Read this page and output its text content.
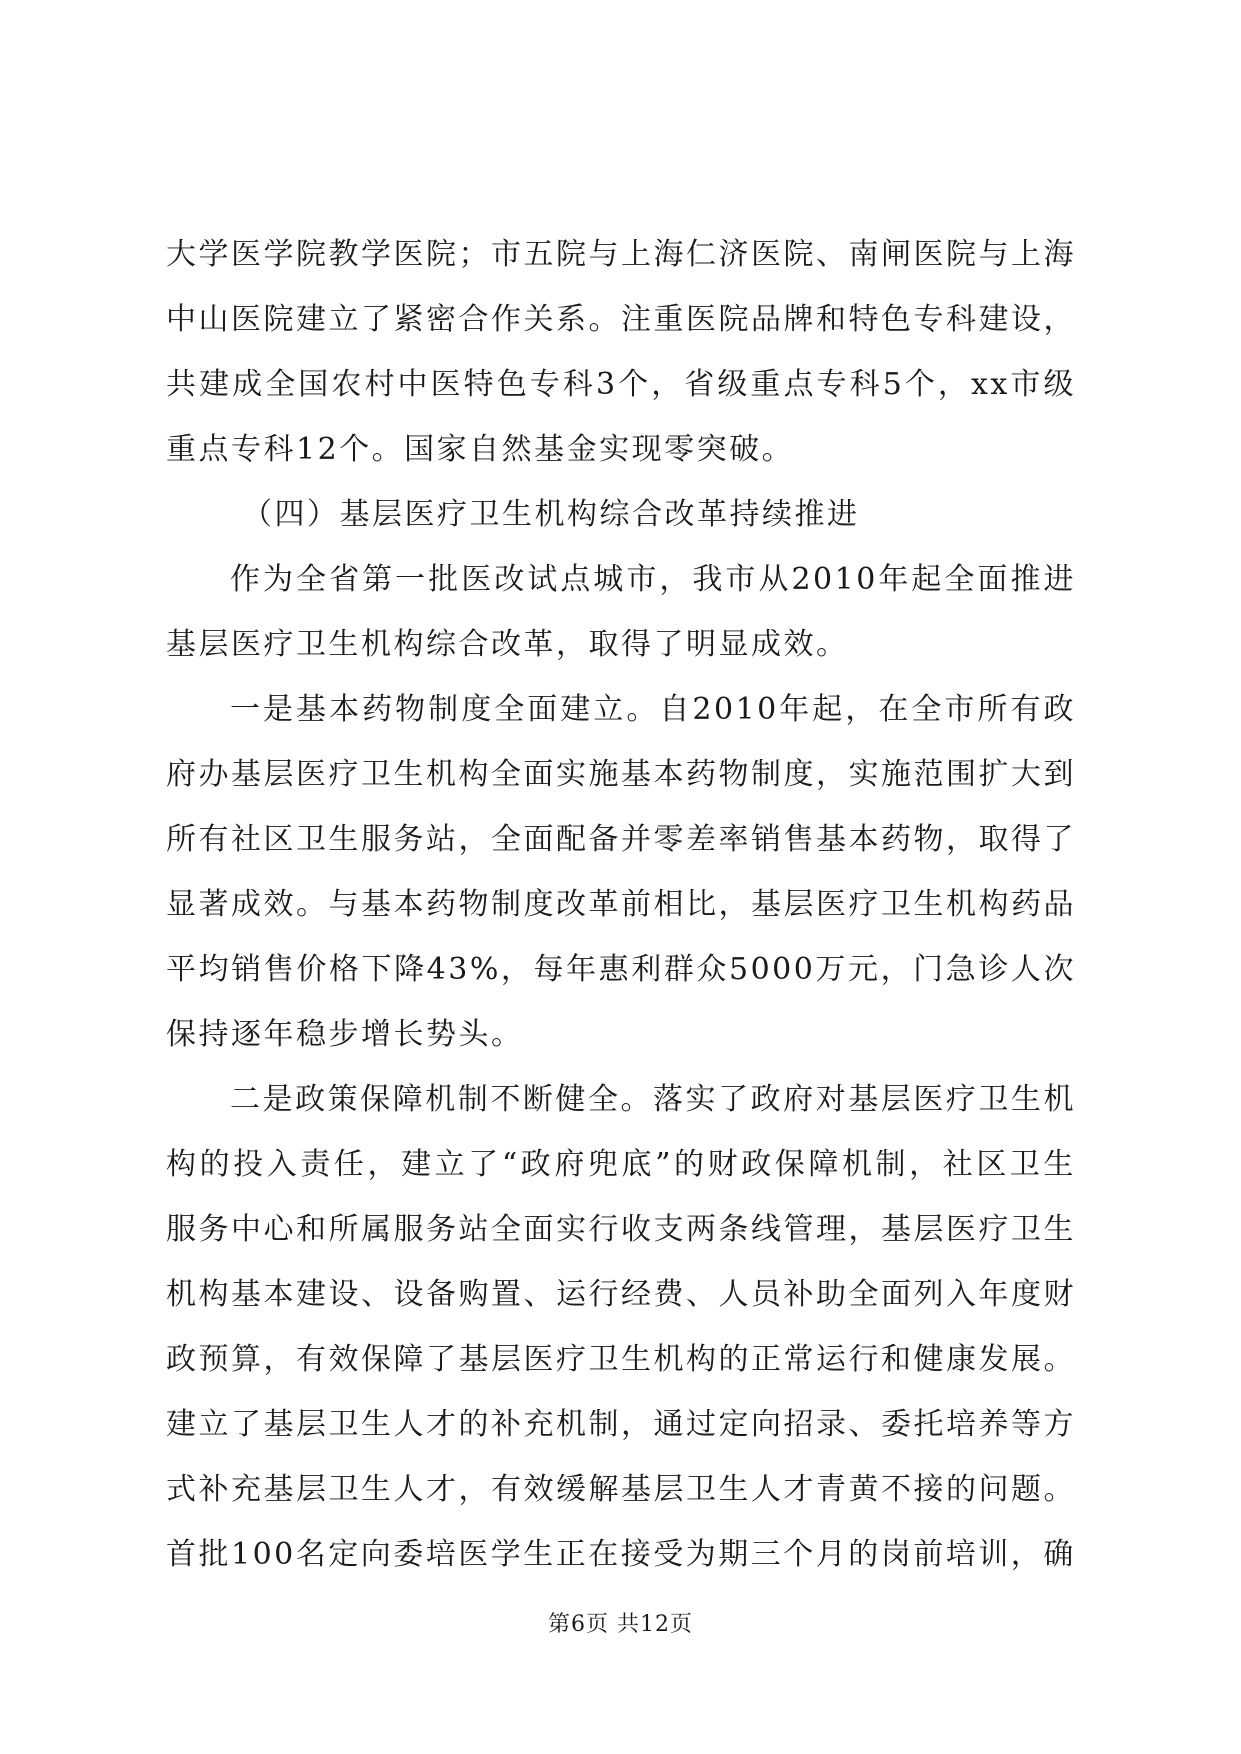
大学医学院教学医院；市五院与上海仁济医院、南闸医院与上海中山医院建立了紧密合作关系。注重医院品牌和特色专科建设，共建成全国农村中医特色专科3个，省级重点专科5个，xx市级重点专科12个。国家自然基金实现零突破。

（四）基层医疗卫生机构综合改革持续推进

作为全省第一批医改试点城市，我市从2010年起全面推进基层医疗卫生机构综合改革，取得了明显成效。

一是基本药物制度全面建立。自2010年起，在全市所有政府办基层医疗卫生机构全面实施基本药物制度，实施范围扩大到所有社区卫生服务站，全面配备并零差率销售基本药物，取得了显著成效。与基本药物制度改革前相比，基层医疗卫生机构药品平均销售价格下降43%，每年惠利群众5000万元，门急诊人次保持逐年稳步增长势头。

二是政策保障机制不断健全。落实了政府对基层医疗卫生机构的投入责任，建立了“政府兜底”的财政保障机制，社区卫生服务中心和所属服务站全面实行收支两条线管理，基层医疗卫生机构基本建设、设备购置、运行经费、人员补助全面列入年度财政预算，有效保障了基层医疗卫生机构的正常运行和健康发展。建立了基层卫生人才的补充机制，通过定向招录、委托培养等方式补充基层卫生人才，有效缓解基层卫生人才青黄不接的问题。首批100名定向委培医学生正在接受为期三个月的岗前培训，确

第6页 共12页
